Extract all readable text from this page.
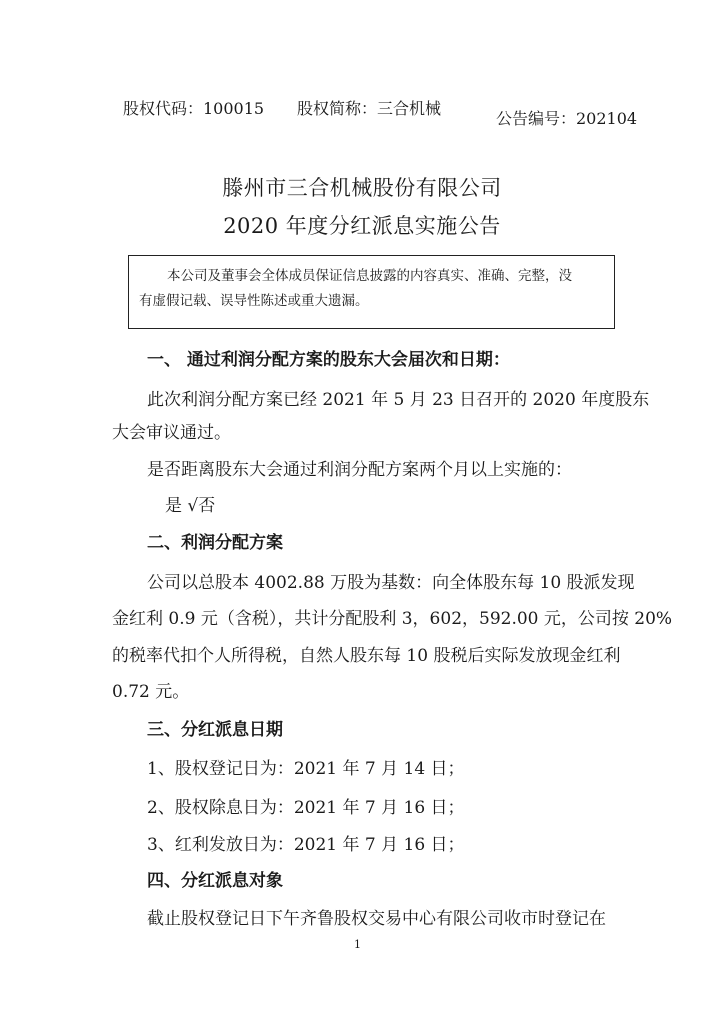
股权代码：100015 股权简称：三合机械
公告编号：202104
滕州市三合机械股份有限公司
2020 年度分红派息实施公告
本公司及董事会全体成员保证信息披露的内容真实、准确、完整，没
有虚假记载、误导性陈述或重大遗漏。
一、 通过利润分配方案的股东大会届次和日期：
此次利润分配方案已经 2021 年 5 月 23 日召开的 2020 年度股东
大会审议通过。
是否距离股东大会通过利润分配方案两个月以上实施的：
是 √否
二、利润分配方案
公司以总股本 4002.88 万股为基数：向全体股东每 10 股派发现
金红利 0.9 元（含税），共计分配股利 3，602，592.00 元，公司按 20%
的税率代扣个人所得税，自然人股东每 10 股税后实际发放现金红利
0.72 元。
三、分红派息日期
1、股权登记日为：2021 年 7 月 14 日；
2、股权除息日为：2021 年 7 月 16 日；
3、红利发放日为：2021 年 7 月 16 日；
四、分红派息对象
截止股权登记日下午齐鲁股权交易中心有限公司收市时登记在
1
